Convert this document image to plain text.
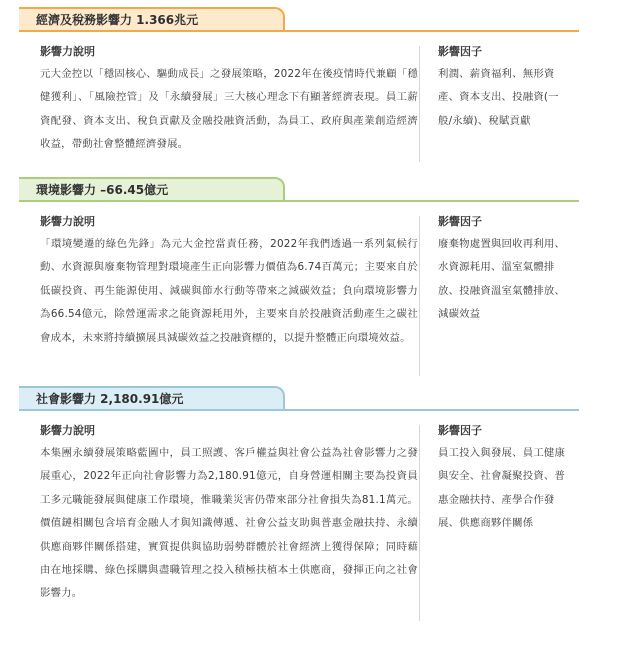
經濟及稅務影響力 1.366兆元
影響力說明
元大金控以「穩固核心、驅動成長」之發展策略，2022年在後疫情時代兼顧「穩健獲利」、「風險控管」及「永續發展」三大核心理念下有顯著經濟表現。員工薪資配發、資本支出、稅負貢獻及金融投融資活動，為員工、政府與產業創造經濟收益，帶動社會整體經濟發展。
影響因子
利潤、薪資福利、無形資產、資本支出、投融資(一般/永續)、稅賦貢獻
環境影響力 –66.45億元
影響力說明
「環境變遷的綠色先鋒」為元大金控當責任務，2022年我們透過一系列氣候行動、水資源與廢棄物管理對環境產生正向影響力價值為6.74百萬元；主要來自於低碳投資、再生能源使用、減碳與節水行動等帶來之減碳效益；負向環境影響力為66.54億元，除營運需求之能資源耗用外，主要來自於投融資活動產生之碳社會成本，未來將持續擴展具減碳效益之投融資標的，以提升整體正向環境效益。
影響因子
廢棄物處置與回收再利用、水資源耗用、溫室氣體排放、投融資溫室氣體排放、減碳效益
社會影響力 2,180.91億元
影響力說明
本集團永續發展策略藍圖中，員工照護、客戶權益與社會公益為社會影響力之發展重心，2022年正向社會影響力為2,180.91億元，自身營運相關主要為投資員工多元職能發展與健康工作環境，惟職業災害仍帶來部分社會損失為81.1萬元。價值鏈相關包含培育金融人才與知識傳遞、社會公益支助與普惠金融扶持、永續供應商夥伴關係搭建，實質提供與協助弱勢群體於社會經濟上獲得保障；同時藉由在地採購、綠色採購與盡職管理之投入積極扶植本土供應商，發揮正向之社會影響力。
影響因子
員工投入與發展、員工健康與安全、社會凝聚投資、普惠金融扶持、產學合作發展、供應商夥伴關係
